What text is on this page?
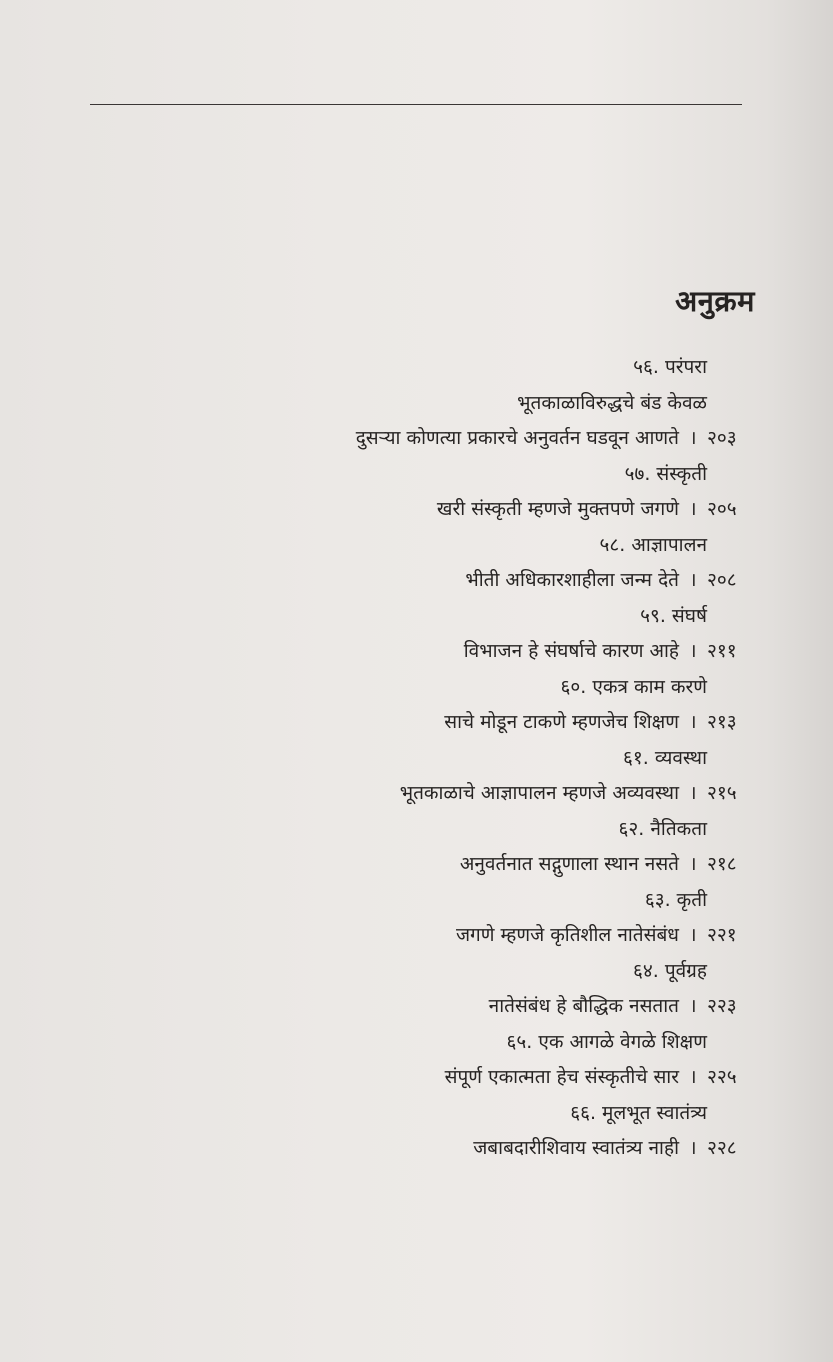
अनुक्रम
५६. परंपरा
भूतकाळाविरुद्धचे बंड केवळ
दुसऱ्या कोणत्या प्रकारचे अनुवर्तन घडवून आणते । २०३
५७. संस्कृती
खरी संस्कृती म्हणजे मुक्तपणे जगणे । २०५
५८. आज्ञापालन
भीती अधिकारशाहीला जन्म देते । २०८
५९. संघर्ष
विभाजन हे संघर्षाचे कारण आहे । २११
६०. एकत्र काम करणे
साचे मोडून टाकणे म्हणजेच शिक्षण । २१३
६१. व्यवस्था
भूतकाळाचे आज्ञापालन म्हणजे अव्यवस्था । २१५
६२. नैतिकता
अनुवर्तनात सद्गुणाला स्थान नसते । २१८
६३. कृती
जगणे म्हणजे कृतिशील नातेसंबंध । २२१
६४. पूर्वग्रह
नातेसंबंध हे बौद्धिक नसतात । २२३
६५. एक आगळे वेगळे शिक्षण
संपूर्ण एकात्मता हेच संस्कृतीचे सार । २२५
६६. मूलभूत स्वातंत्र्य
जबाबदारीशिवाय स्वातंत्र्य नाही । २२८
